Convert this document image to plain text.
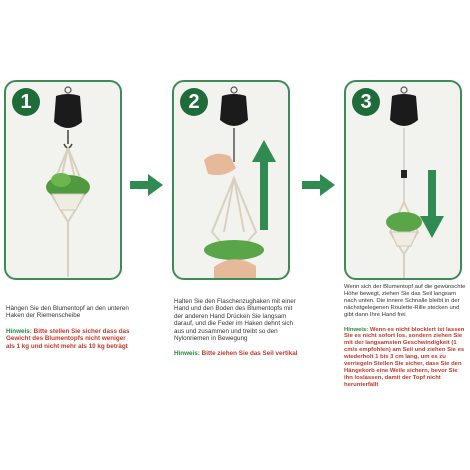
1	2	3

Hängen Sie den Blumentopf an den unteren Haken der Riemenscheibe

Hinweis: Bitte stellen Sie sicher dass das Gewicht des Blumentopfs nicht weniger als 1 kg und nicht mehr als 10 kg beträgt

Halten Sie den Flaschenzughaken mit einer Hand und den Boden des Blumentopfs mit der anderen Hand Drücken Sie langsam darauf, und die Feder im Haken dehnt sich aus und zusammen und treibt so den Nylonriemen in Bewegung

Hinweis: Bitte ziehen Sie das Seil vertikal

Wenn sich der Blumentopf auf die gewünschte Höhe bewegt, ziehen Sie das Seil langsam nach unten. Die innere Schnalle bleibt in der nächstgelegenen Roulette-Rille stecken und gibt dann Ihre Hand frei

Hinweis: Wenn es nicht blockiert ist lassen Sie es nicht sofort los, sondern ziehen Sie mit der langsamsten Geschwindigkeit (1 cm/s empfohlen) am Seil und ziehen Sie es wiederholt 1 bis 3 cm lang, um es zu verriegeln Stellen Sie sicher, dass Sie den Hängekorb eine Weile sichern, bevor Sie ihn loslassen, damit der Topf nicht herunterfällt
